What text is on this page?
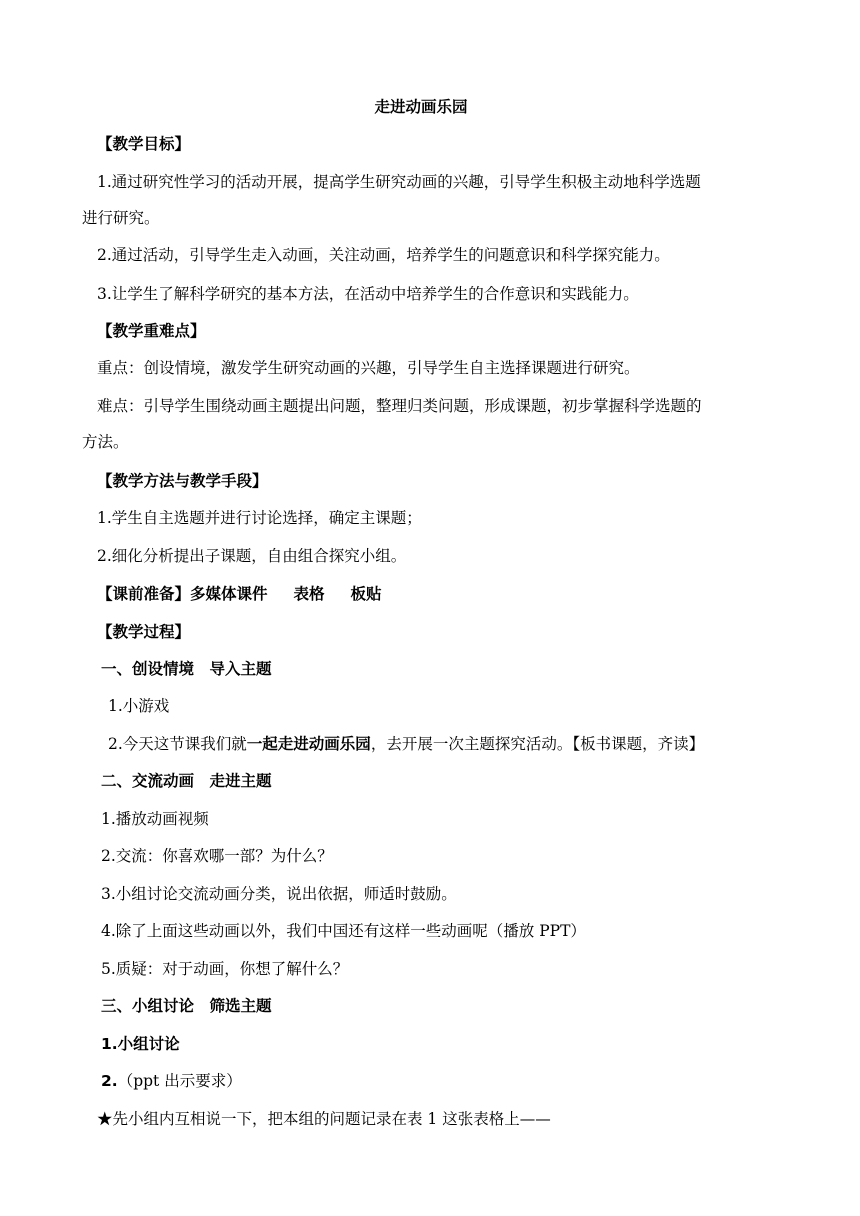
走进动画乐园
【教学目标】
1.通过研究性学习的活动开展，提高学生研究动画的兴趣，引导学生积极主动地科学选题
进行研究。
2.通过活动，引导学生走入动画，关注动画，培养学生的问题意识和科学探究能力。
3.让学生了解科学研究的基本方法，在活动中培养学生的合作意识和实践能力。
【教学重难点】
重点：创设情境，激发学生研究动画的兴趣，引导学生自主选择课题进行研究。
难点：引导学生围绕动画主题提出问题，整理归类问题，形成课题，初步掌握科学选题的
方法。
【教学方法与教学手段】
1.学生自主选题并进行讨论选择，确定主课题；
2.细化分析提出子课题，自由组合探究小组。
【课前准备】多媒体课件 表格 板贴
【教学过程】
一、创设情境　导入主题
1.小游戏
2.今天这节课我们就一起走进动画乐园，去开展一次主题探究活动。【板书课题，齐读】
二、交流动画　走进主题
1.播放动画视频
2.交流：你喜欢哪一部？为什么？
3.小组讨论交流动画分类，说出依据，师适时鼓励。
4.除了上面这些动画以外，我们中国还有这样一些动画呢（播放 PPT）
5.质疑：对于动画，你想了解什么？
三、小组讨论　筛选主题
1.小组讨论
2.（ppt 出示要求）
★先小组内互相说一下，把本组的问题记录在表 1 这张表格上——
